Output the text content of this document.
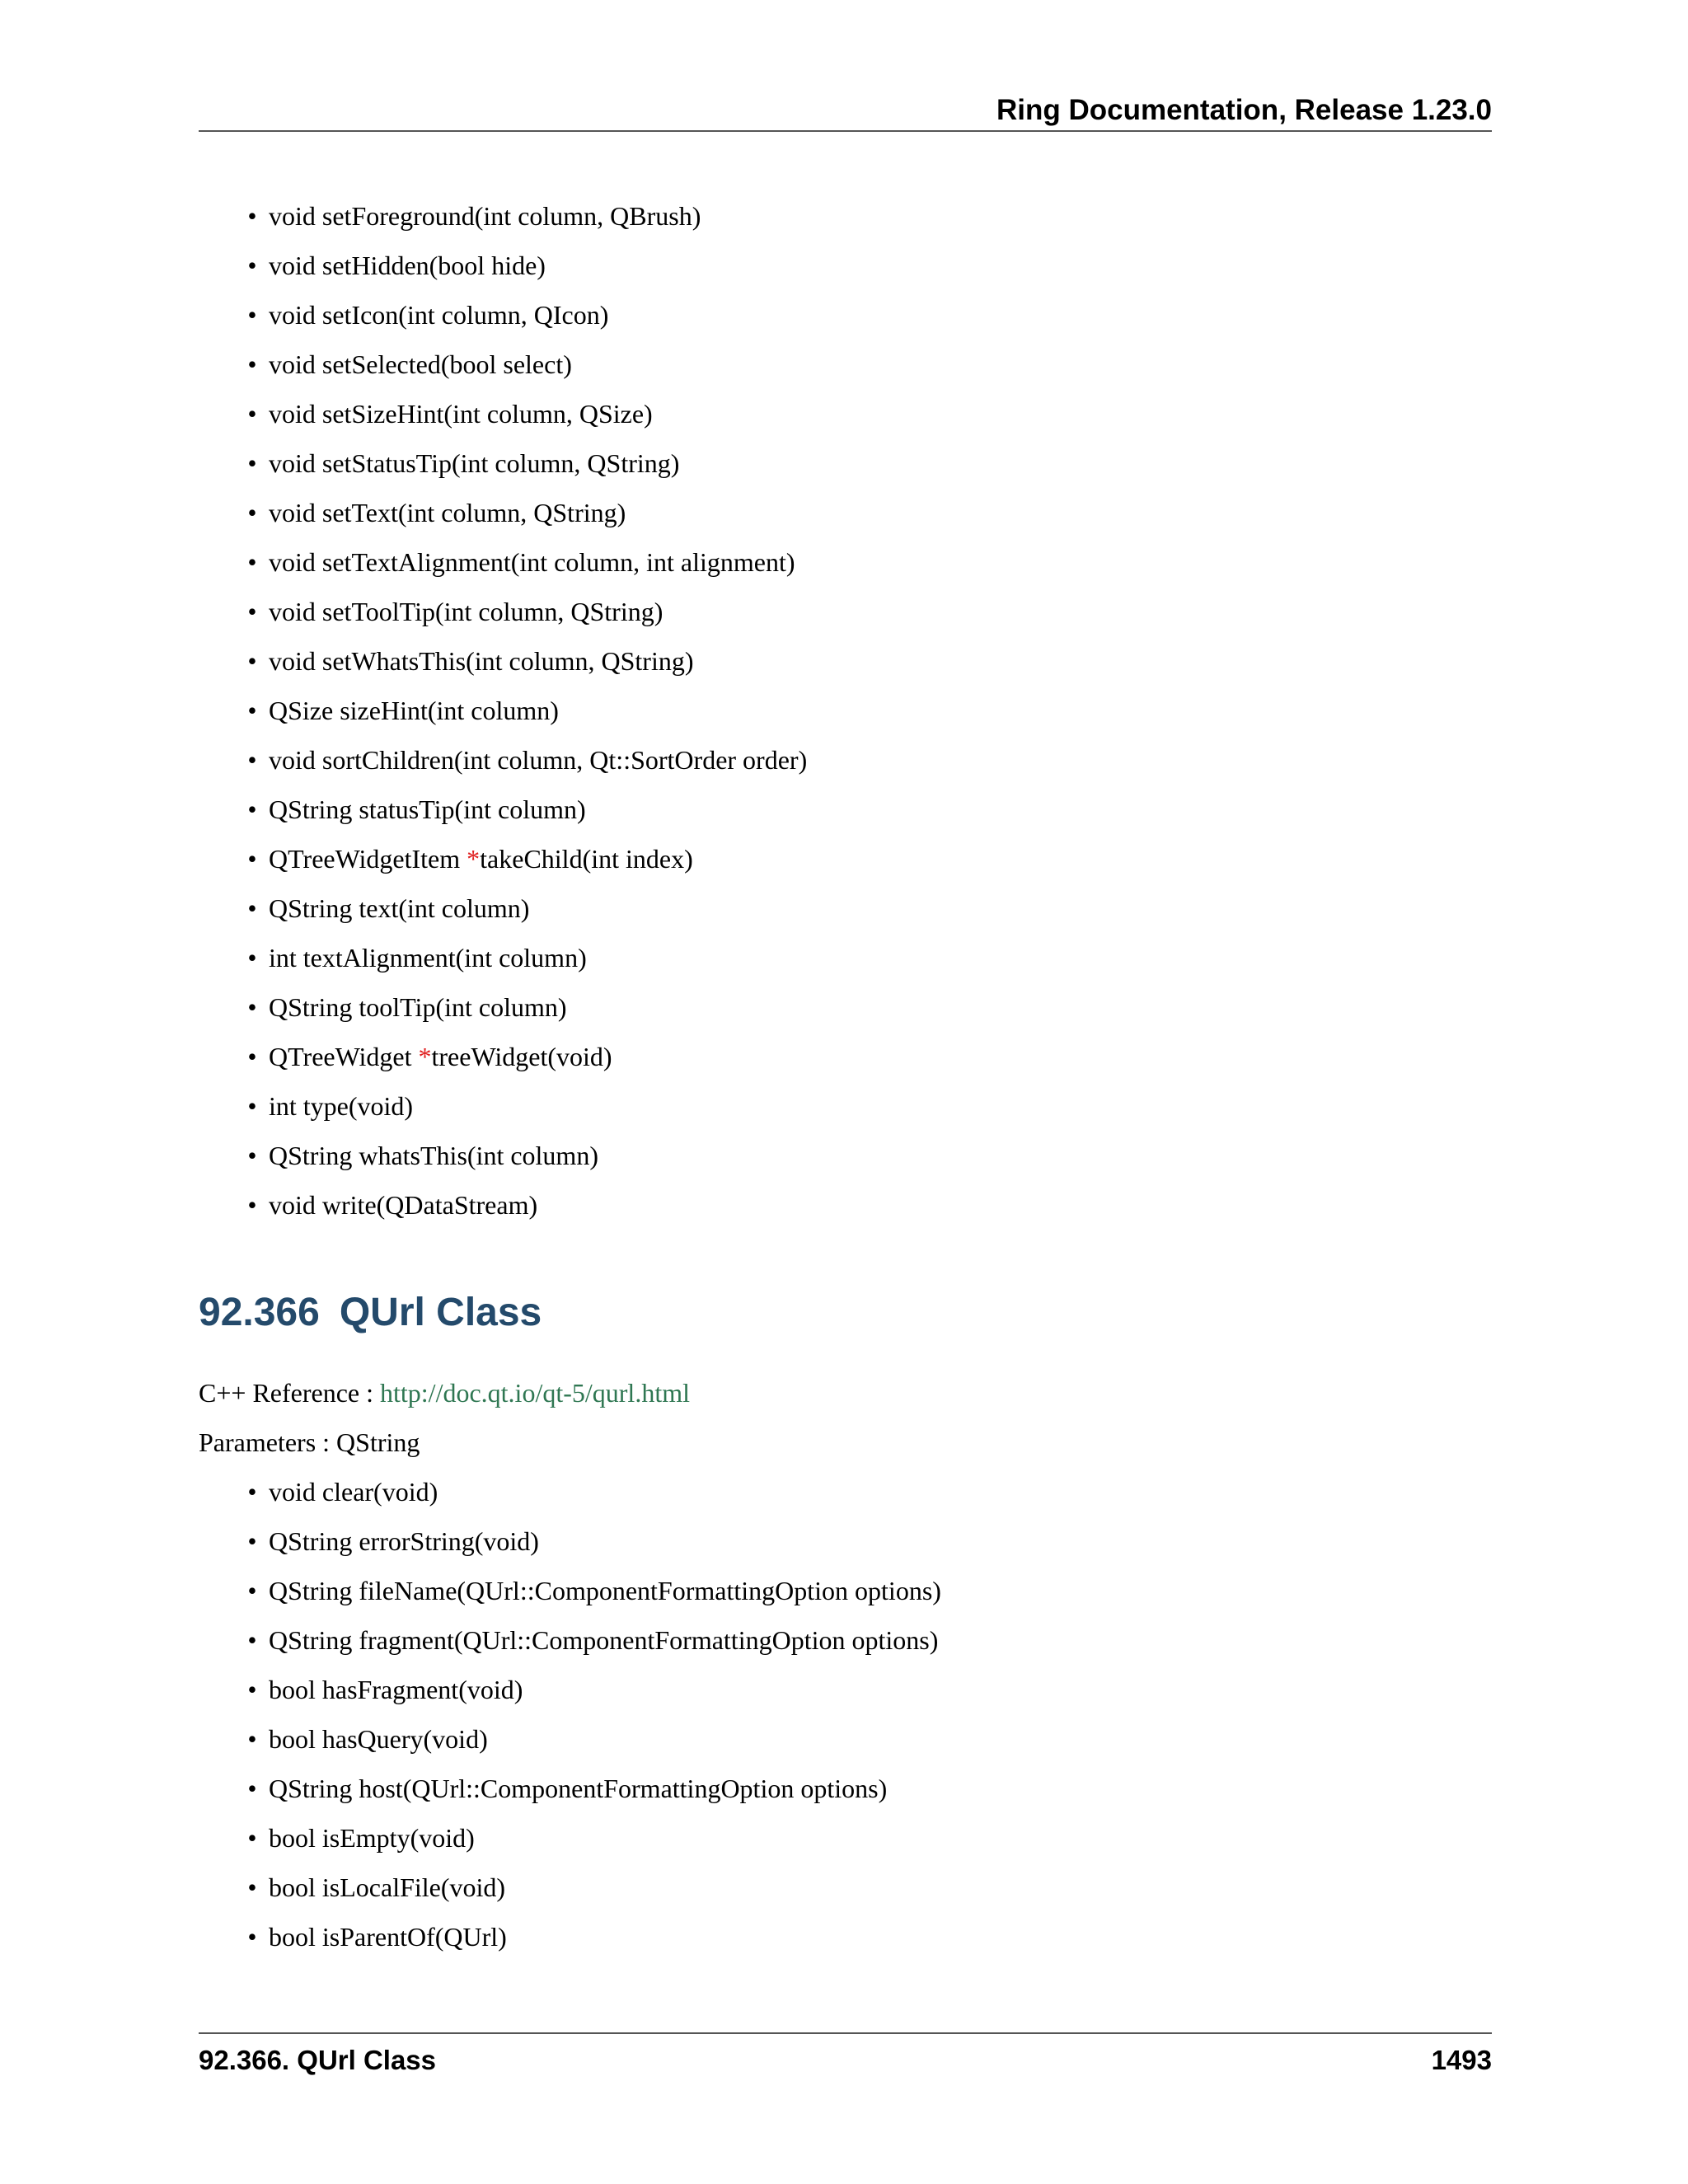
Ring Documentation, Release 1.23.0
• void setForeground(int column, QBrush)
• void setHidden(bool hide)
• void setIcon(int column, QIcon)
• void setSelected(bool select)
• void setSizeHint(int column, QSize)
• void setStatusTip(int column, QString)
• void setText(int column, QString)
• void setTextAlignment(int column, int alignment)
• void setToolTip(int column, QString)
• void setWhatsThis(int column, QString)
• QSize sizeHint(int column)
• void sortChildren(int column, Qt::SortOrder order)
• QString statusTip(int column)
• QTreeWidgetItem *takeChild(int index)
• QString text(int column)
• int textAlignment(int column)
• QString toolTip(int column)
• QTreeWidget *treeWidget(void)
• int type(void)
• QString whatsThis(int column)
• void write(QDataStream)
92.366 QUrl Class
C++ Reference : http://doc.qt.io/qt-5/qurl.html
Parameters : QString
• void clear(void)
• QString errorString(void)
• QString fileName(QUrl::ComponentFormattingOption options)
• QString fragment(QUrl::ComponentFormattingOption options)
• bool hasFragment(void)
• bool hasQuery(void)
• QString host(QUrl::ComponentFormattingOption options)
• bool isEmpty(void)
• bool isLocalFile(void)
• bool isParentOf(QUrl)
92.366. QUrl Class	1493
